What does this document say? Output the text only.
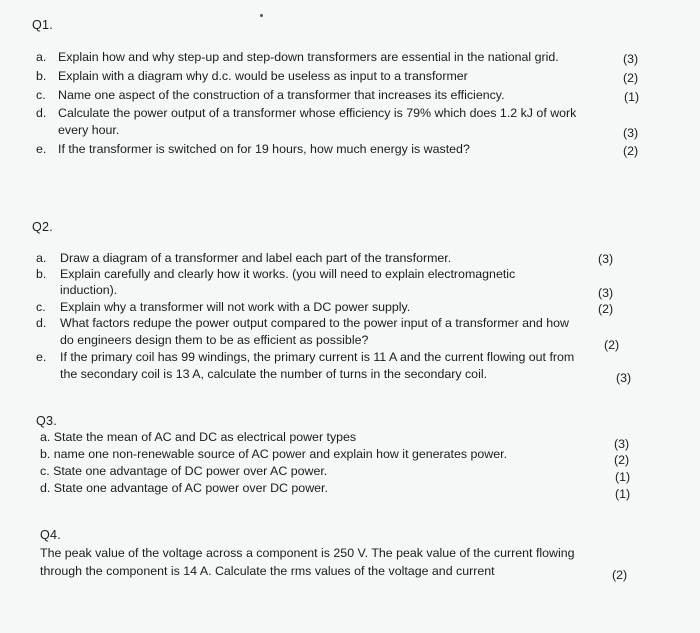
Q1.
a. Explain how and why step-up and step-down transformers are essential in the national grid.	(3)
b. Explain with a diagram why d.c. would be useless as input to a transformer	(2)
c. Name one aspect of the construction of a transformer that increases its efficiency.	(1)
d. Calculate the power output of a transformer whose efficiency is 79% which does 1.2 kJ of work
every hour.	(3)
e. If the transformer is switched on for 19 hours, how much energy is wasted?	(2)
Q2.
a. Draw a diagram of a transformer and label each part of the transformer.	(3)
b. Explain carefully and clearly how it works. (you will need to explain electromagnetic
induction).	(3)
c. Explain why a transformer will not work with a DC power supply.	(2)
d. What factors redupe the power output compared to the power input of a transformer and how
do engineers design them to be as efficient as possible?	(2)
e. If the primary coil has 99 windings, the primary current is 11 A and the current flowing out from
the secondary coil is 13 A, calculate the number of turns in the secondary coil.	(3)
Q3.
a. State the mean of AC and DC as electrical power types	(3)
b. name one non-renewable source of AC power and explain how it generates power.	(2)
c. State one advantage of DC power over AC power.	(1)
d. State one advantage of AC power over DC power.	(1)
Q4.
The peak value of the voltage across a component is 250 V. The peak value of the current flowing
through the component is 14 A. Calculate the rms values of the voltage and current	(2)
